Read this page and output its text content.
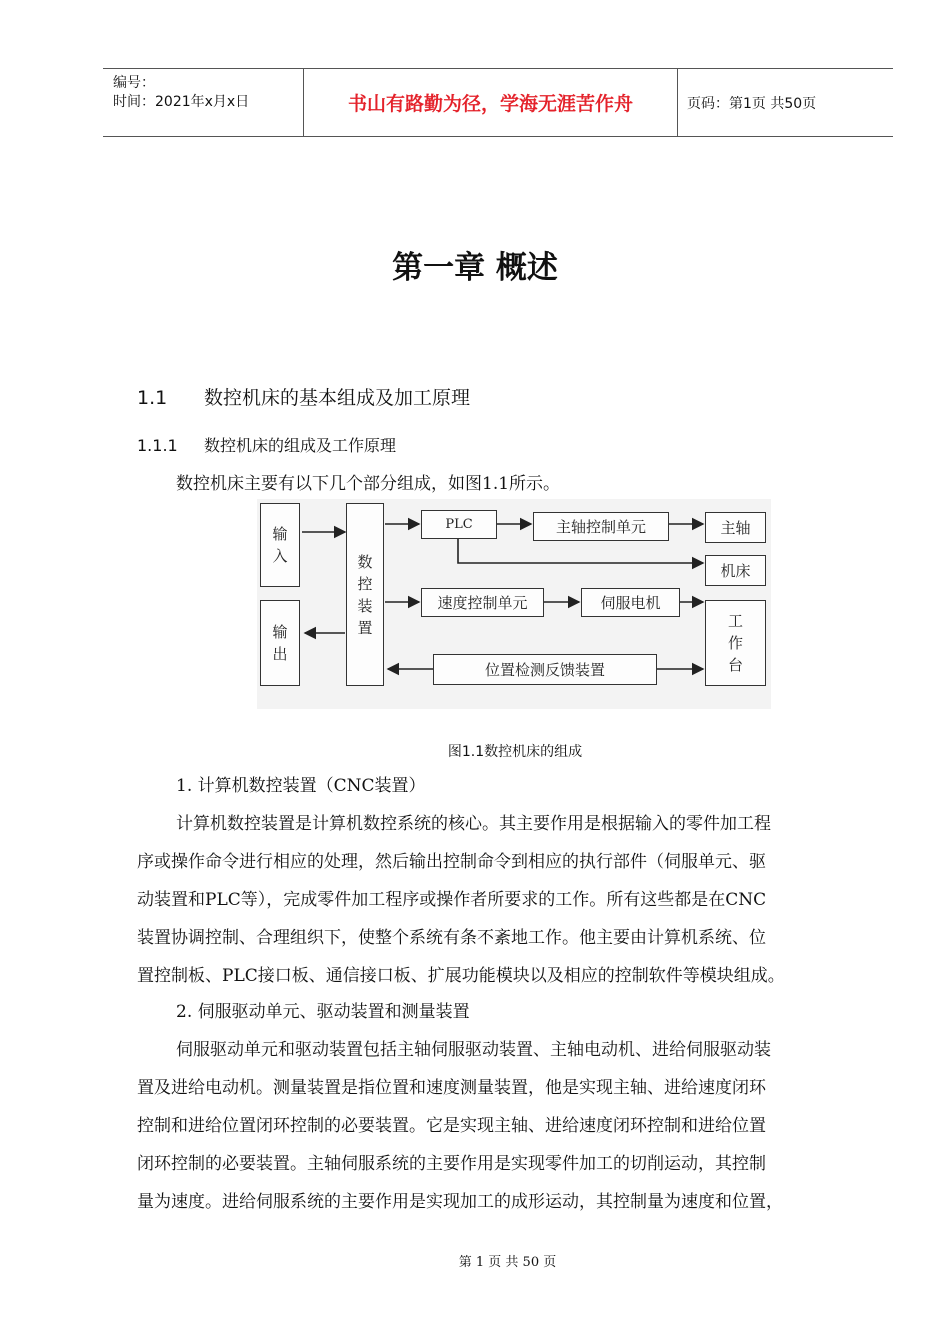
编号：
时间：2021年x月x日	书山有路勤为径，学海无涯苦作舟	页码：第1页 共50页
第一章 概述
1.1 数控机床的基本组成及加工原理
1.1.1 数控机床的组成及工作原理
数控机床主要有以下几个部分组成，如图1.1所示。
输
入
输
出
数
控
装
置
PLC	主轴控制单元	主轴
机床
速度控制单元	伺服电机
工
作
台
位置检测反馈装置
图1.1数控机床的组成
1. 计算机数控装置（CNC装置）
计算机数控装置是计算机数控系统的核心。其主要作用是根据输入的零件加工程
序或操作命令进行相应的处理，然后输出控制命令到相应的执行部件（伺服单元、驱
动装置和PLC等），完成零件加工程序或操作者所要求的工作。所有这些都是在CNC
装置协调控制、合理组织下，使整个系统有条不紊地工作。他主要由计算机系统、位
置控制板、PLC接口板、通信接口板、扩展功能模块以及相应的控制软件等模块组成。
2. 伺服驱动单元、驱动装置和测量装置
伺服驱动单元和驱动装置包括主轴伺服驱动装置、主轴电动机、进给伺服驱动装
置及进给电动机。测量装置是指位置和速度测量装置，他是实现主轴、进给速度闭环
控制和进给位置闭环控制的必要装置。它是实现主轴、进给速度闭环控制和进给位置
闭环控制的必要装置。主轴伺服系统的主要作用是实现零件加工的切削运动，其控制
量为速度。进给伺服系统的主要作用是实现加工的成形运动，其控制量为速度和位置，
第 1 页 共 50 页
